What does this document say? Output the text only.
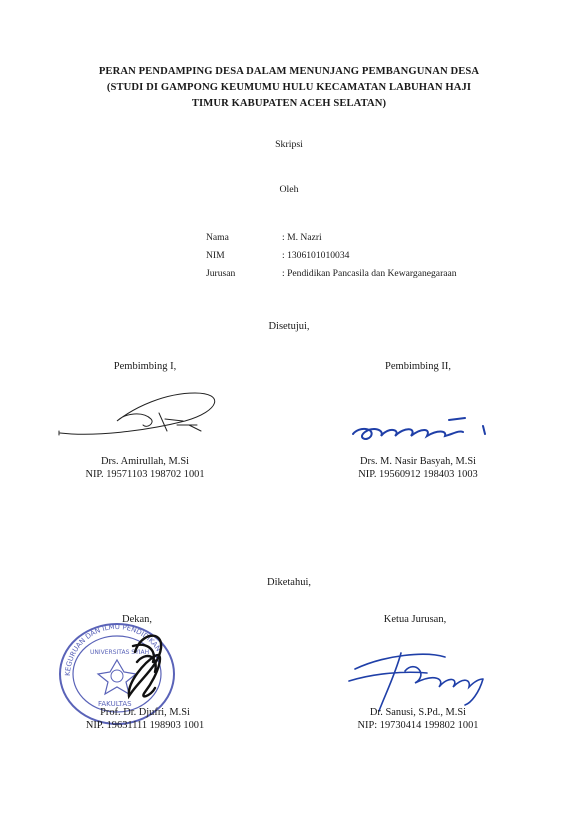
PERAN PENDAMPING DESA DALAM MENUNJANG PEMBANGUNAN DESA
(STUDI DI GAMPONG KEUMUMU HULU KECAMATAN LABUHAN HAJI
TIMUR KABUPATEN ACEH SELATAN)
Skripsi
Oleh
Nama	: M. Nazri
NIM	: 1306101010034
Jurusan	: Pendidikan Pancasila dan Kewarganegaraan
Disetujui,
Pembimbing I,	Pembimbing II,
Drs. Amirullah, M.Si
NIP. 19571103 198702 1001
Drs. M. Nasir Basyah, M.Si
NIP. 19560912 198403 1003
Diketahui,
Dekan,	Ketua Jurusan,
KEGURUAN DAN ILMU PENDIDIKAN
FAKULTAS
UNIVERSITAS SYIAH
Prof. Dr. Djufri, M.Si
NIP. 19631111 198903 1001
Dr. Sanusi, S.Pd., M.Si
NIP: 19730414 199802 1001
